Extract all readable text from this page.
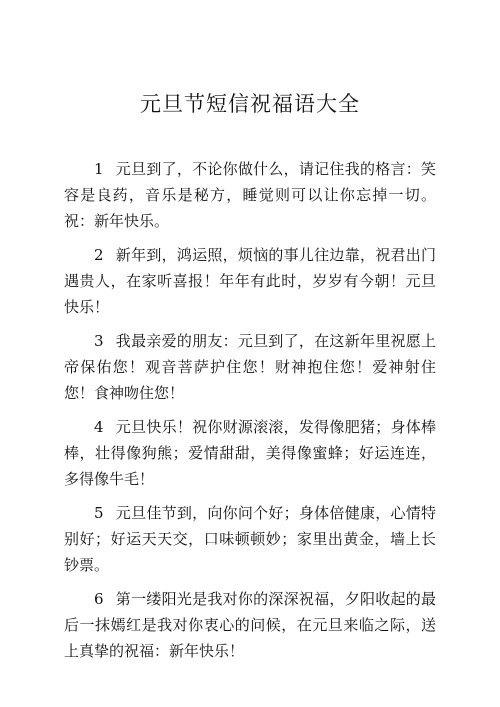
元旦节短信祝福语大全

1 元旦到了，不论你做什么，请记住我的格言：笑容是良药，音乐是秘方，睡觉则可以让你忘掉一切。祝：新年快乐。

2 新年到，鸿运照，烦恼的事儿往边靠，祝君出门遇贵人，在家听喜报！年年有此时，岁岁有今朝！元旦快乐！

3 我最亲爱的朋友：元旦到了，在这新年里祝愿上帝保佑您！观音菩萨护住您！财神抱住您！爱神射住您！食神吻住您！

4 元旦快乐！祝你财源滚滚，发得像肥猪；身体棒棒，壮得像狗熊；爱情甜甜，美得像蜜蜂；好运连连，多得像牛毛！

5 元旦佳节到，向你问个好；身体倍健康，心情特别好；好运天天交，口味顿顿妙；家里出黄金，墙上长钞票。

6 第一缕阳光是我对你的深深祝福，夕阳收起的最后一抹嫣红是我对你衷心的问候，在元旦来临之际，送上真挚的祝福：新年快乐！
